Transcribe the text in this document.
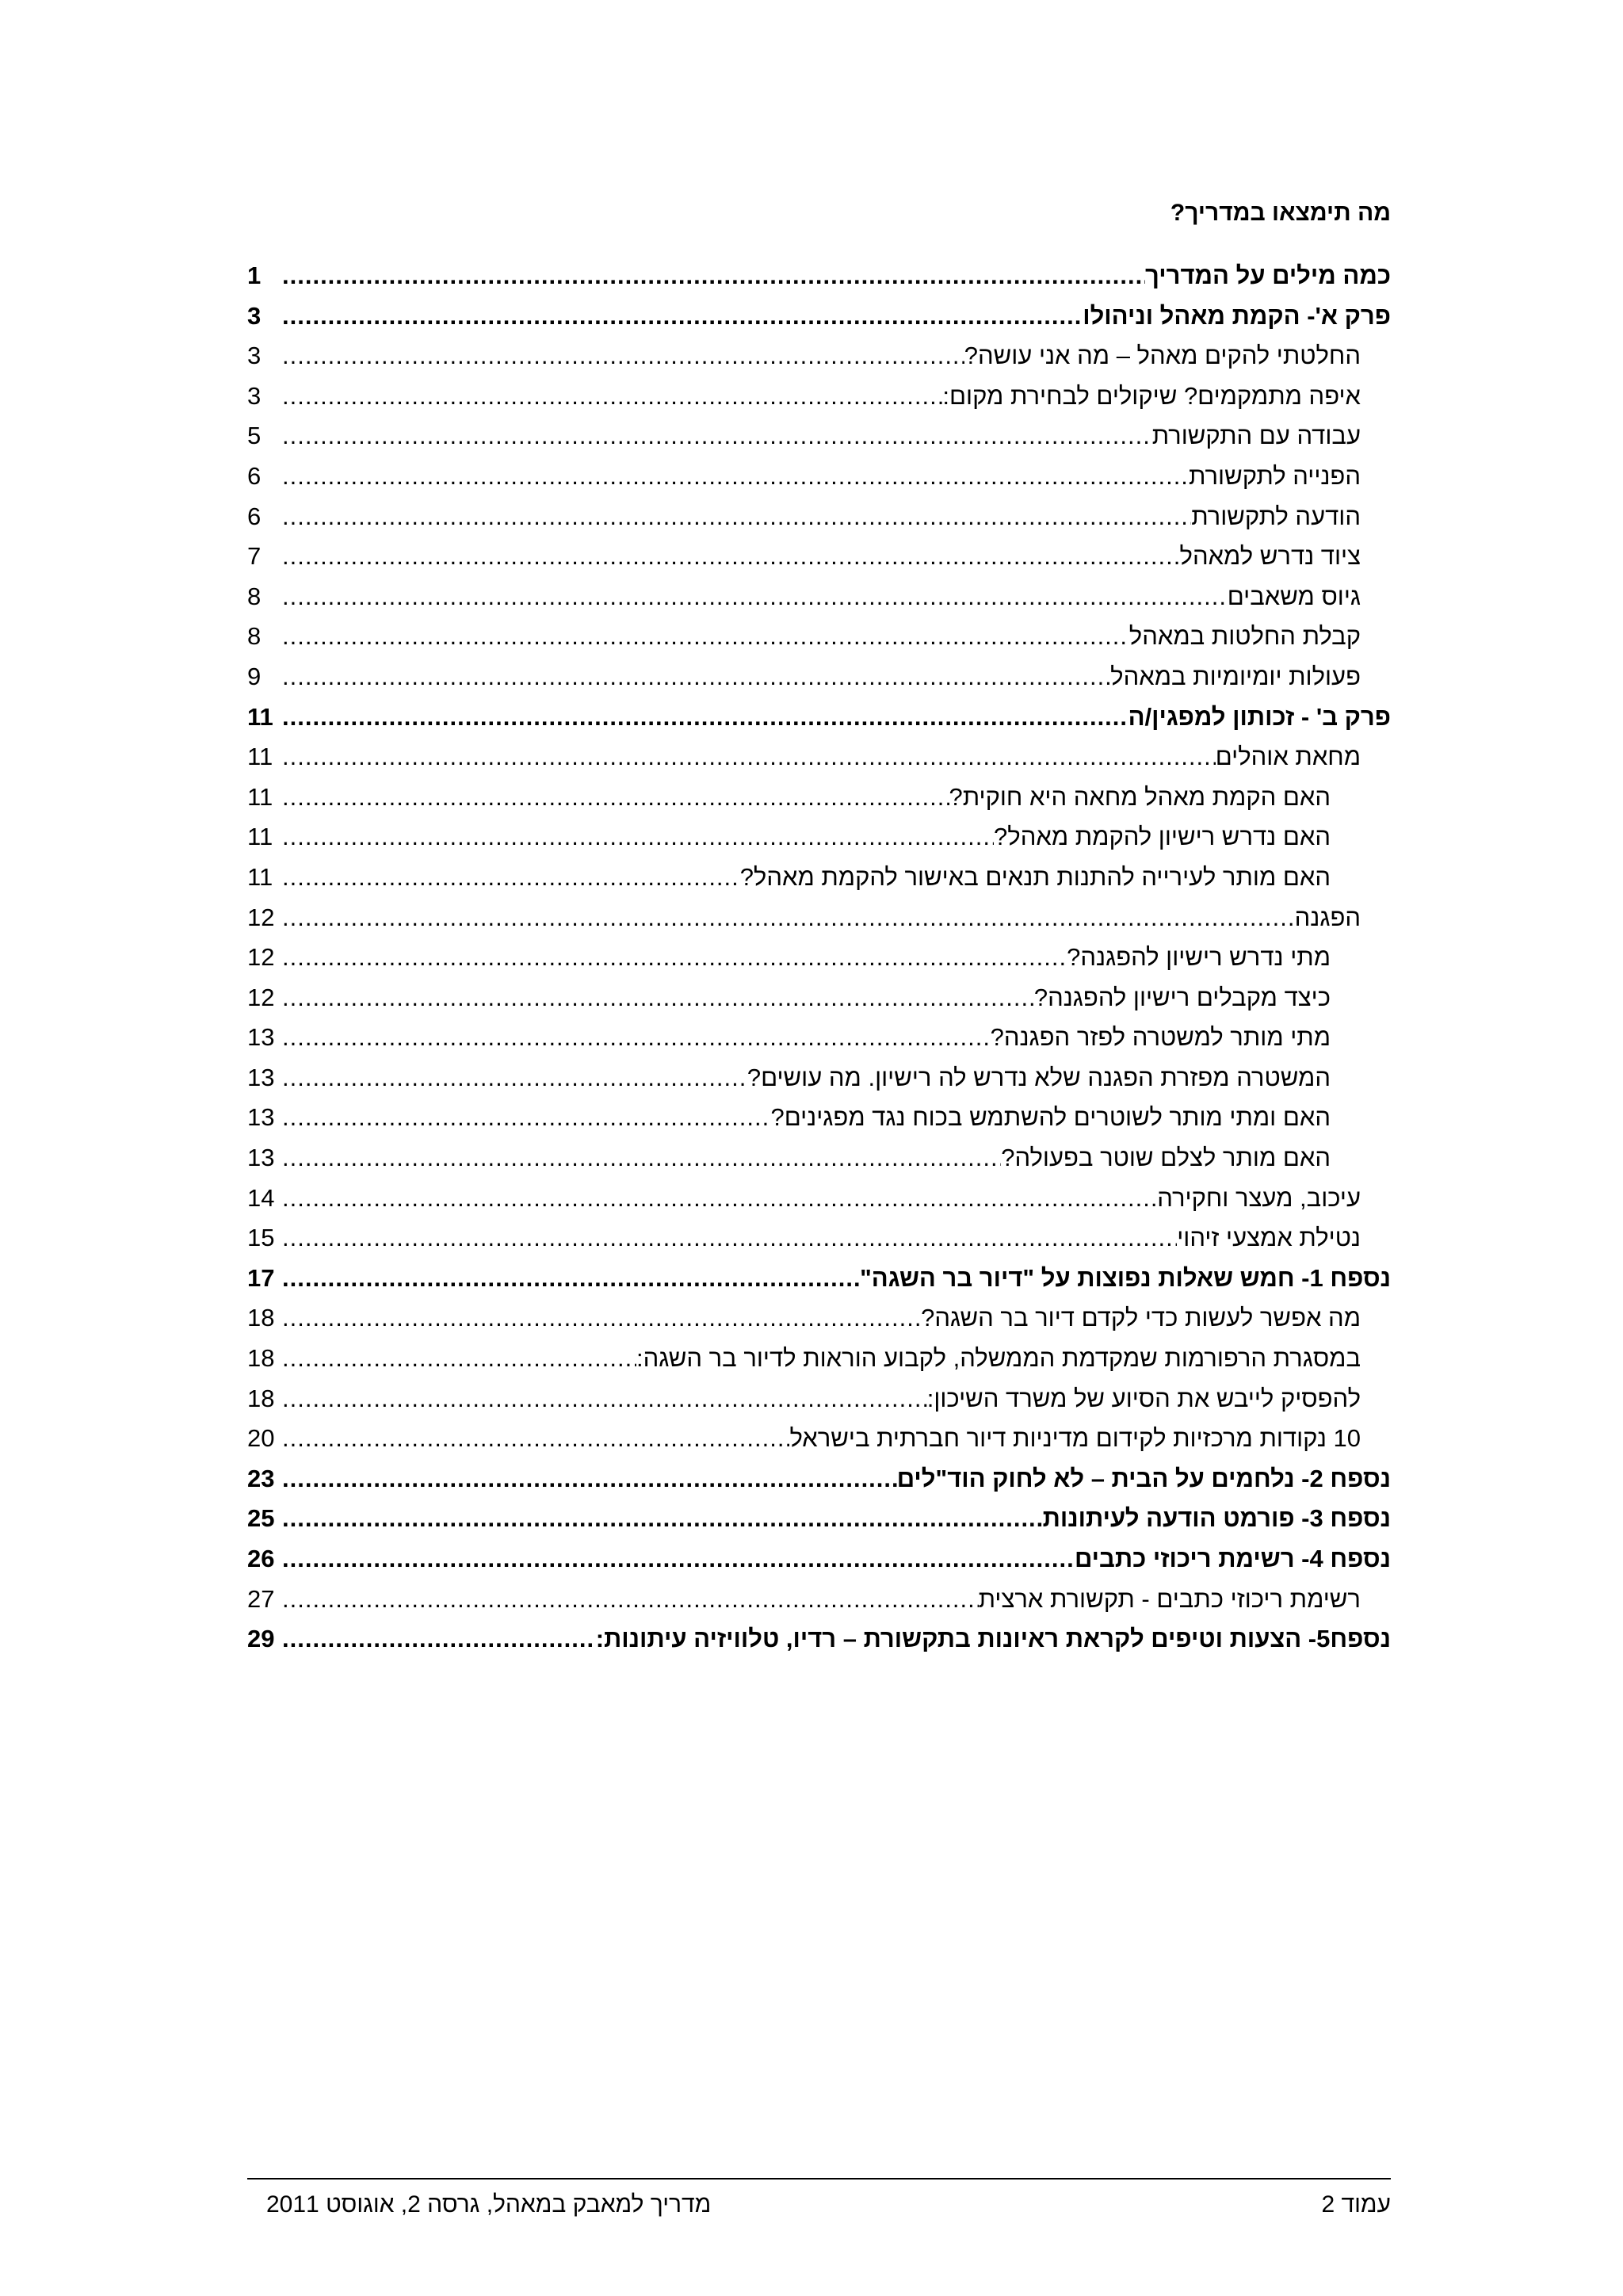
מה תימצאו במדריך?
כמה מילים על המדריך
.....
1
פרק א'- הקמת מאהל וניהולו
.....
3
החלטתי להקים מאהל – מה אני עושה?
.....
3
איפה מתמקמים? שיקולים לבחירת מקום:
.....
3
עבודה עם התקשורת
.....
5
הפנייה לתקשורת
.....
6
הודעה לתקשורת
.....
6
ציוד נדרש למאהל
.....
7
גיוס משאבים
.....
8
קבלת החלטות במאהל
.....
8
פעולות יומיומיות במאהל
.....
9
פרק ב' - זכותון למפגין/ה
.....
11
מחאת אוהלים
.....
11
האם הקמת מאהל מחאה היא חוקית?
.....
11
האם נדרש רישיון להקמת מאהל?
.....
11
האם מותר לעירייה להתנות תנאים באישור להקמת מאהל?
.....
11
הפגנה
.....
12
מתי נדרש רישיון להפגנה?
.....
12
כיצד מקבלים רישיון להפגנה?
.....
12
מתי מותר למשטרה לפזר הפגנה?
.....
13
המשטרה מפזרת הפגנה שלא נדרש לה רישיון. מה עושים?
.....
13
האם ומתי מותר לשוטרים להשתמש בכוח נגד מפגינים?
.....
13
האם מותר לצלם שוטר בפעולה?
.....
13
עיכוב, מעצר וחקירה
.....
14
נטילת אמצעי זיהוי
.....
15
נספח 1- חמש שאלות נפוצות על "דיור בר השגה"
.....
17
מה אפשר לעשות כדי לקדם דיור בר השגה?
.....
18
במסגרת הרפורמות שמקדמת הממשלה, לקבוע הוראות לדיור בר השגה:
.....
18
להפסיק לייבש את הסיוע של משרד השיכון:
.....
18
10 נקודות מרכזיות לקידום מדיניות דיור חברתית בישראל
.....
20
נספח 2- נלחמים על הבית – לא לחוק הוד"לים
.....
23
נספח 3- פורמט הודעה לעיתונות
.....
25
נספח 4- רשימת ריכוזי כתבים
.....
26
רשימת ריכוזי כתבים - תקשורת ארצית
.....
27
נספח5- הצעות וטיפים לקראת ראיונות בתקשורת – רדיו, טלוויזיה עיתונות:
.....
29
עמוד 2
מדריך למאבק במאהל, גרסה 2, אוגוסט 2011
